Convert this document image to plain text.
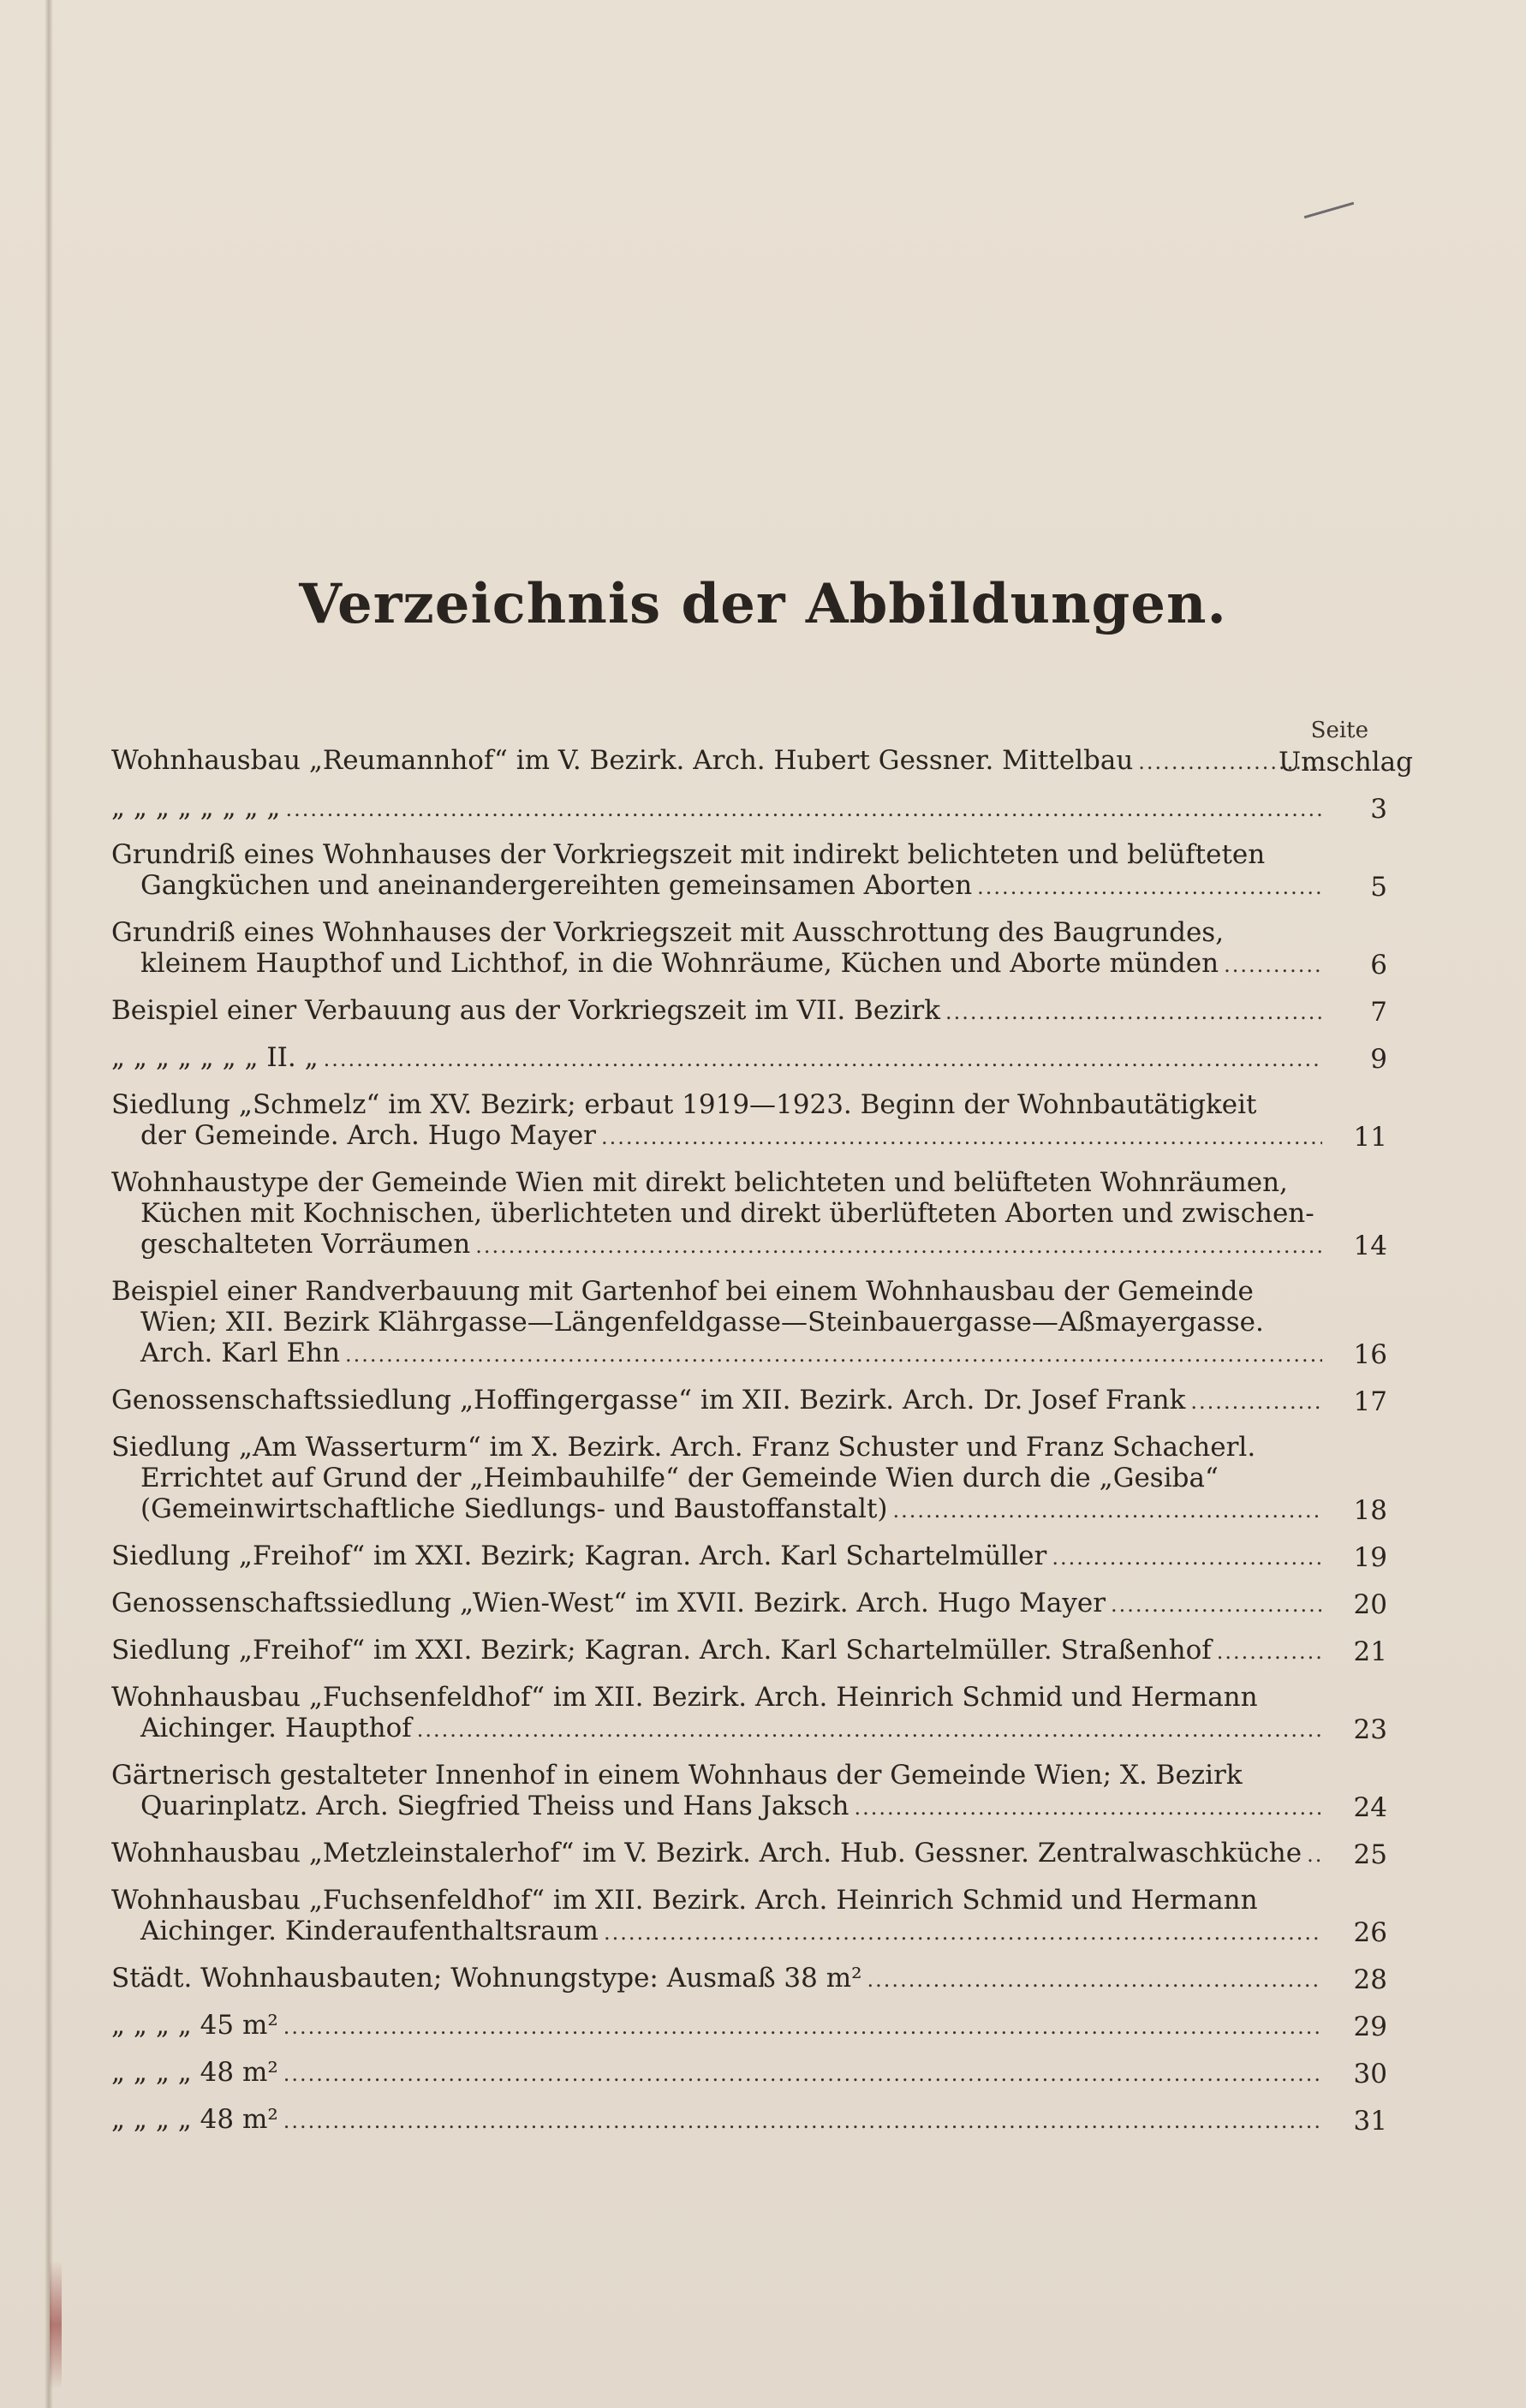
Verzeichnis der Abbildungen.
Seite
Wohnhausbau „Reumannhof“ im V. Bezirk. Arch. Hubert Gessner. Mittelbau .....	Umschlag
„ „ „ „ „ „ „ „ .....	3
Grundriß eines Wohnhauses der Vorkriegszeit mit indirekt belichteten und belüfteten
Gangküchen und aneinandergereihten gemeinsamen Aborten .....	5
Grundriß eines Wohnhauses der Vorkriegszeit mit Ausschrottung des Baugrundes,
kleinem Haupthof und Lichthof, in die Wohnräume, Küchen und Aborte münden .....	6
Beispiel einer Verbauung aus der Vorkriegszeit im VII. Bezirk .....	7
„ „ „ „ „ „ „ II. „ .....	9
Siedlung „Schmelz“ im XV. Bezirk; erbaut 1919—1923. Beginn der Wohnbautätigkeit
der Gemeinde. Arch. Hugo Mayer .....	11
Wohnhaustype der Gemeinde Wien mit direkt belichteten und belüfteten Wohnräumen,
Küchen mit Kochnischen, überlichteten und direkt überlüfteten Aborten und zwischen-
geschalteten Vorräumen .....	14
Beispiel einer Randverbauung mit Gartenhof bei einem Wohnhausbau der Gemeinde
Wien; XII. Bezirk Klährgasse—Längenfeldgasse—Steinbauergasse—Aßmayergasse.
Arch. Karl Ehn .....	16
Genossenschaftssiedlung „Hoffingergasse“ im XII. Bezirk. Arch. Dr. Josef Frank .....	17
Siedlung „Am Wasserturm“ im X. Bezirk. Arch. Franz Schuster und Franz Schacherl.
Errichtet auf Grund der „Heimbauhilfe“ der Gemeinde Wien durch die „Gesiba“
(Gemeinwirtschaftliche Siedlungs- und Baustoffanstalt) .....	18
Siedlung „Freihof“ im XXI. Bezirk; Kagran. Arch. Karl Schartelmüller .....	19
Genossenschaftssiedlung „Wien-West“ im XVII. Bezirk. Arch. Hugo Mayer .....	20
Siedlung „Freihof“ im XXI. Bezirk; Kagran. Arch. Karl Schartelmüller. Straßenhof .....	21
Wohnhausbau „Fuchsenfeldhof“ im XII. Bezirk. Arch. Heinrich Schmid und Hermann
Aichinger. Haupthof .....	23
Gärtnerisch gestalteter Innenhof in einem Wohnhaus der Gemeinde Wien; X. Bezirk
Quarinplatz. Arch. Siegfried Theiss und Hans Jaksch .....	24
Wohnhausbau „Metzleinstalerhof“ im V. Bezirk. Arch. Hub. Gessner. Zentralwaschküche .....	25
Wohnhausbau „Fuchsenfeldhof“ im XII. Bezirk. Arch. Heinrich Schmid und Hermann
Aichinger. Kinderaufenthaltsraum .....	26
Städt. Wohnhausbauten; Wohnungstype: Ausmaß 38 m² .....	28
„ „ „ „ 45 m² .....	29
„ „ „ „ 48 m² .....	30
„ „ „ „ 48 m² .....	31
